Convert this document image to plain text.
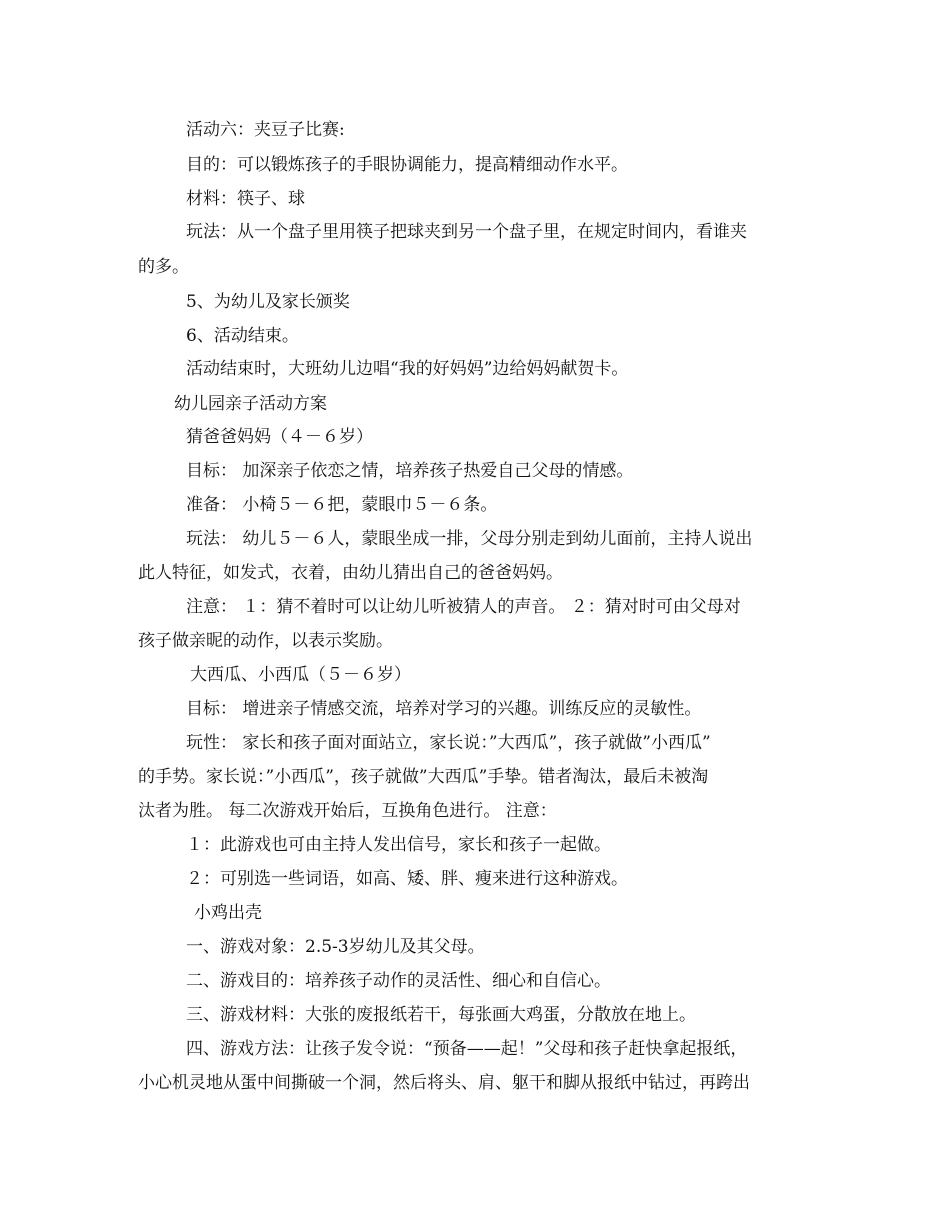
活动六：夹豆子比赛:
目的：可以锻炼孩子的手眼协调能力，提高精细动作水平。
材料：筷子、球
玩法：从一个盘子里用筷子把球夹到另一个盘子里，在规定时间内，看谁夹
的多。
5、为幼儿及家长颁奖
6、活动结束。
活动结束时，大班幼儿边唱“我的好妈妈”边给妈妈献贺卡。
幼儿园亲子活动方案
猜爸爸妈妈（４－６岁）
目标： 加深亲子依恋之情，培养孩子热爱自己父母的情感。
准备： 小椅５－６把，蒙眼巾５－６条。
玩法： 幼儿５－６人，蒙眼坐成一排，父母分别走到幼儿面前，主持人说出
此人特征，如发式，衣着，由幼儿猜出自己的爸爸妈妈。
注意： １：猜不着时可以让幼儿听被猜人的声音。 ２：猜对时可由父母对
孩子做亲昵的动作，以表示奖励。
大西瓜、小西瓜（５－６岁）
目标： 增进亲子情感交流，培养对学习的兴趣。训练反应的灵敏性。
玩性： 家长和孩子面对面站立，家长说：”大西瓜”，孩子就做”小西瓜”
的手势。家长说：”小西瓜”，孩子就做”大西瓜”手挚。错者淘汰，最后未被淘
汰者为胜。 每二次游戏开始后，互换角色进行。 注意：
１：此游戏也可由主持人发出信号，家长和孩子一起做。
２：可别选一些词语，如高、矮、胖、瘦来进行这种游戏。
小鸡出壳
一、游戏对象：2.5-3岁幼儿及其父母。
二、游戏目的：培养孩子动作的灵活性、细心和自信心。
三、游戏材料：大张的废报纸若干，每张画大鸡蛋，分散放在地上。
四、游戏方法：让孩子发令说：“预备——起！”父母和孩子赶快拿起报纸，
小心机灵地从蛋中间撕破一个洞，然后将头、肩、躯干和脚从报纸中钻过，再跨出
